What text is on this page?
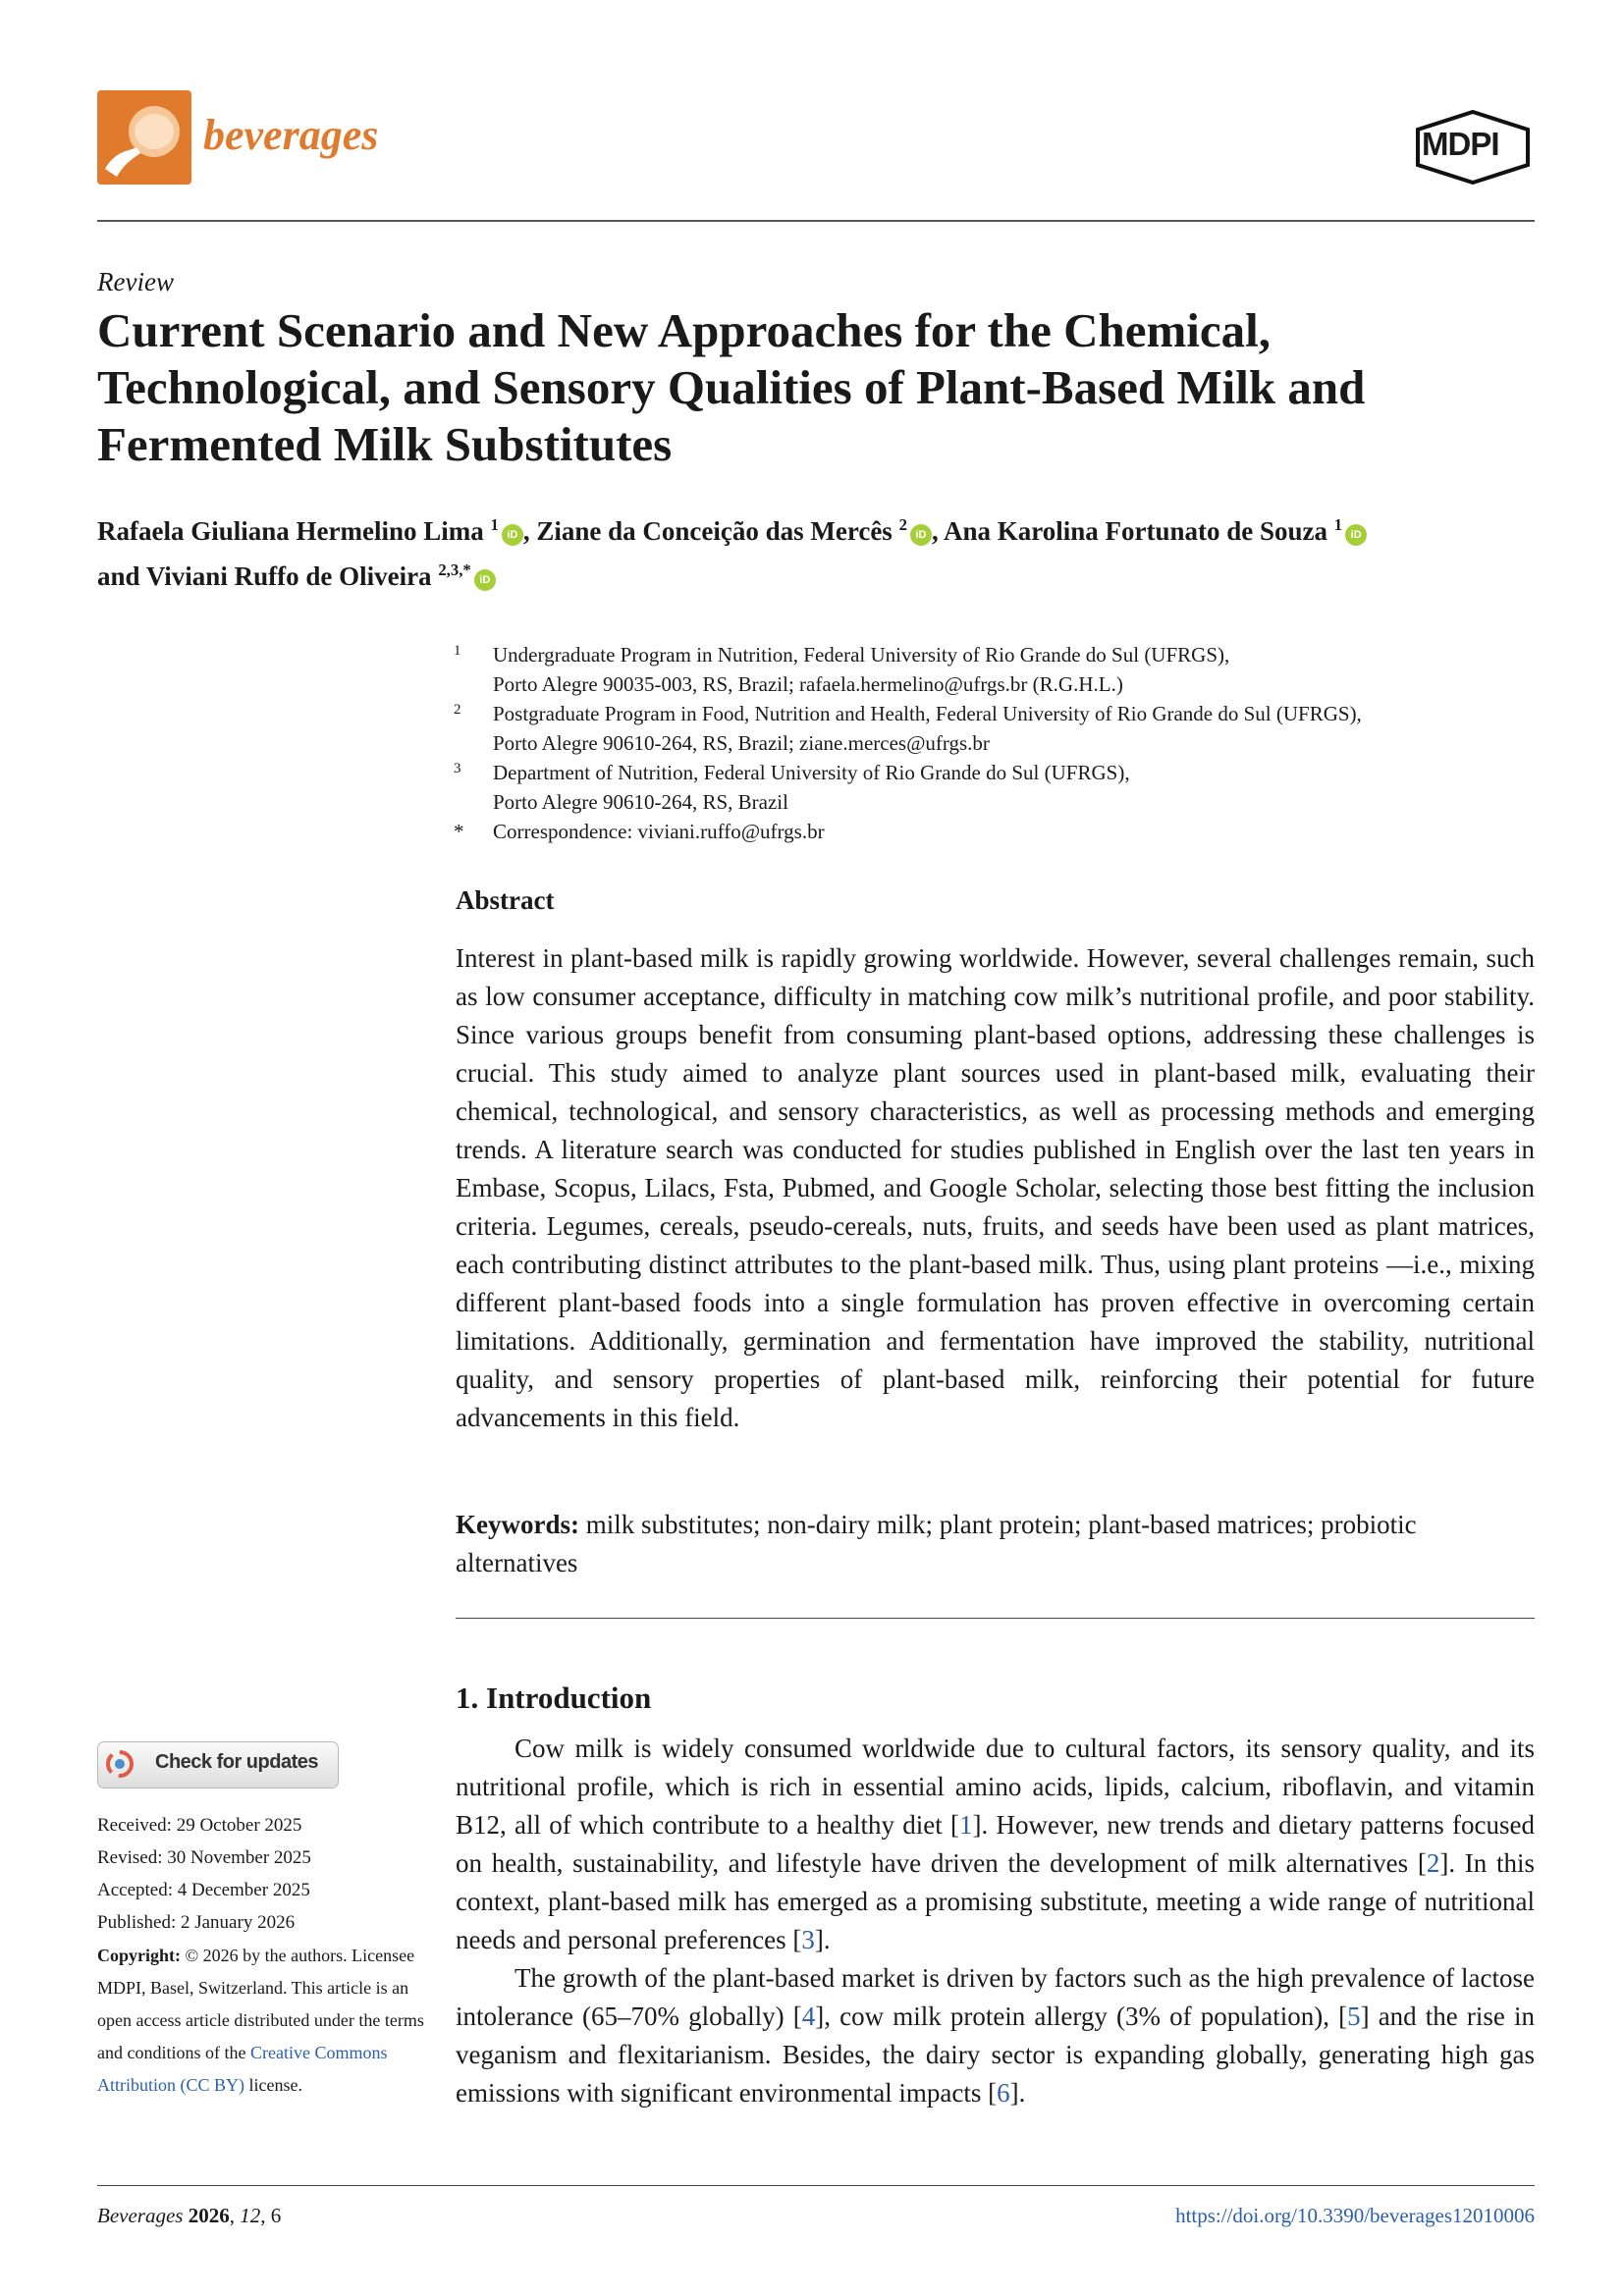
beverages	MDPI
Review
Current Scenario and New Approaches for the Chemical, Technological, and Sensory Qualities of Plant-Based Milk and Fermented Milk Substitutes
Rafaela Giuliana Hermelino Lima $^1$iD , Ziane da Conceição das Mercês $^2$iD , Ana Karolina Fortunato de Souza $^1$iD
and Viviani Ruffo de Oliveira $^{2,3,*}$iD
1 Undergraduate Program in Nutrition, Federal University of Rio Grande do Sul (UFRGS),
Porto Alegre 90035-003, RS, Brazil; rafaela.hermelino@ufrgs.br (R.G.H.L.)
2 Postgraduate Program in Food, Nutrition and Health, Federal University of Rio Grande do Sul (UFRGS),
Porto Alegre 90610-264, RS, Brazil; ziane.merces@ufrgs.br
3 Department of Nutrition, Federal University of Rio Grande do Sul (UFRGS),
Porto Alegre 90610-264, RS, Brazil
* Correspondence: viviani.ruffo@ufrgs.br
Abstract
Interest in plant-based milk is rapidly growing worldwide. However, several challenges remain, such as low consumer acceptance, difficulty in matching cow milk’s nutritional profile, and poor stability. Since various groups benefit from consuming plant-based options, addressing these challenges is crucial. This study aimed to analyze plant sources used in plant-based milk, evaluating their chemical, technological, and sensory characteristics, as well as processing methods and emerging trends. A literature search was conducted for studies published in English over the last ten years in Embase, Scopus, Lilacs, Fsta, Pubmed, and Google Scholar, selecting those best fitting the inclusion criteria. Legumes, cereals, pseudo-cereals, nuts, fruits, and seeds have been used as plant matrices, each contributing distinct attributes to the plant-based milk. Thus, using plant proteins —i.e., mixing different plant-based foods into a single formulation has proven effective in overcoming certain limitations. Additionally, germination and fermentation have improved the stability, nutritional quality, and sensory properties of plant-based milk, reinforcing their potential for future advancements in this field.
Keywords: milk substitutes; non-dairy milk; plant protein; plant-based matrices; probiotic alternatives
1. Introduction

Cow milk is widely consumed worldwide due to cultural factors, its sensory quality, and its nutritional profile, which is rich in essential amino acids, lipids, calcium, riboflavin, and vitamin B12, all of which contribute to a healthy diet [1]. However, new trends and dietary patterns focused on health, sustainability, and lifestyle have driven the development of milk alternatives [2]. In this context, plant-based milk has emerged as a promising substitute, meeting a wide range of nutritional needs and personal preferences [3].

The growth of the plant-based market is driven by factors such as the high prevalence of lactose intolerance (65–70% globally) [4], cow milk protein allergy (3% of population), [5] and the rise in veganism and flexitarianism. Besides, the dairy sector is expanding globally, generating high gas emissions with significant environmental impacts [6].

Check for updates
Received: 29 October 2025
Revised: 30 November 2025
Accepted: 4 December 2025
Published: 2 January 2026
Copyright: © 2026 by the authors. Licensee MDPI, Basel, Switzerland. This article is an open access article distributed under the terms and conditions of the Creative Commons Attribution (CC BY) license.
Beverages 2026, 12, 6	https://doi.org/10.3390/beverages12010006
